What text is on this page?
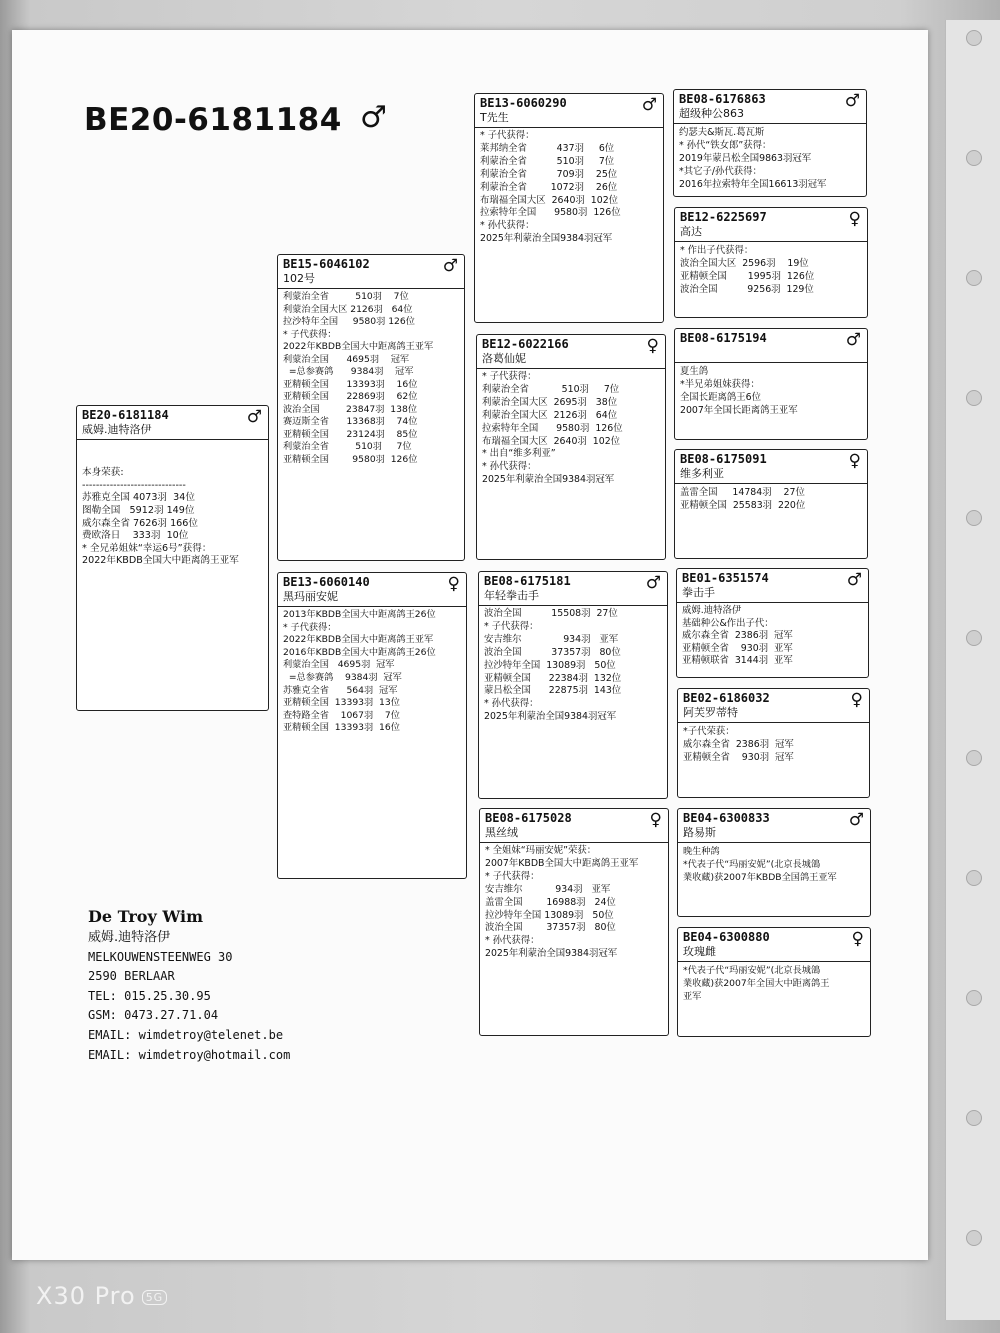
BE20-6181184 ♂
BE20-6181184	♂
威姆.迪特洛伊

本身荣获:
------------------------------
苏雅克全国 4073羽  34位
图勒全国   5912羽 149位
威尔森全省 7626羽 166位
费欧洛日    333羽  10位
* 全兄弟姐妹“幸运6号”获得：
2022年KBDB全国大中距离鸽王亚军
BE15-6046102	♂
102号
利蒙治全省         510羽    7位
利蒙治全国大区 2126羽   64位
拉沙特年全国     9580羽 126位
* 子代获得：
2022年KBDB全国大中距离鸽王亚军
利蒙治全国      4695羽    冠军
=总参赛鸽      9384羽    冠军
亚精顿全国      13393羽    16位
亚精顿全国      22869羽    62位
波治全国         23847羽  138位
赛迈斯全省      13368羽    74位
亚精顿全国      23124羽    85位
利蒙治全省         510羽     7位
亚精顿全国        9580羽  126位
BE13-6060140	♀
黑玛丽安妮
2013年KBDB全国大中距离鸽王26位
* 子代获得：
2022年KBDB全国大中距离鸽王亚军
2016年KBDB全国大中距离鸽王26位
利蒙治全国   4695羽  冠军
=总参赛鸽    9384羽  冠军
苏雅克全省      564羽  冠军
亚精顿全国  13393羽  13位
查特路全省    1067羽    7位
亚精顿全国  13393羽  16位
BE13-6060290	♂
T先生
* 子代获得：
莱邦纳全省          437羽     6位
利蒙治全省          510羽     7位
利蒙治全省          709羽    25位
利蒙治全省        1072羽    26位
布瑞福全国大区  2640羽  102位
拉索特年全国      9580羽  126位
* 孙代获得：
2025年利蒙治全国9384羽冠军
BE12-6022166	♀
洛葛仙妮
* 子代获得：
利蒙治全省           510羽     7位
利蒙治全国大区  2695羽   38位
利蒙治全国大区  2126羽   64位
拉索特年全国      9580羽  126位
布瑞福全国大区  2640羽  102位
* 出自“维多利亚”
* 孙代获得：
2025年利蒙治全国9384羽冠军
BE08-6175181	♂
年轻拳击手
波治全国          15508羽  27位
* 子代获得：
安吉维尔              934羽   亚军
波治全国          37357羽   80位
拉沙特年全国  13089羽   50位
亚精顿全国      22384羽  132位
蒙吕松全国      22875羽  143位
* 孙代获得：
2025年利蒙治全国9384羽冠军
BE08-6175028	♀
黑丝绒
* 全姐妹“玛丽安妮”荣获：
2007年KBDB全国大中距离鸽王亚军
* 子代获得：
安吉维尔           934羽   亚军
盖雷全国        16988羽   24位
拉沙特年全国 13089羽   50位
波治全国        37357羽   80位
* 孙代获得：
2025年利蒙治全国9384羽冠军
BE08-6176863	♂
超级种公863
约瑟夫&斯瓦.葛瓦斯
* 孙代“铁女郎”获得：
2019年蒙吕松全国9863羽冠军
*其它子/孙代获得：
2016年拉索特年全国16613羽冠军
BE12-6225697	♀
高达
* 作出子代获得：
波治全国大区  2596羽    19位
亚精顿全国       1995羽  126位
波治全国          9256羽  129位
BE08-6175194	♂
夏生鸽
*半兄弟姐妹获得：
全国长距离鸽王6位
2007年全国长距离鸽王亚军
BE08-6175091	♀
维多利亚
盖雷全国     14784羽    27位
亚精顿全国  25583羽  220位
BE01-6351574	♂
拳击手
威姆.迪特洛伊
基础种公&作出子代：
威尔森全省  2386羽  冠军
亚精顿全省    930羽  亚军
亚精顿联省  3144羽  亚军
BE02-6186032	♀
阿芙罗蒂特
*子代荣获：
威尔森全省  2386羽  冠军
亚精顿全省    930羽  冠军
BE04-6300833	♂
路易斯
晚生种鸽
*代表子代“玛丽安妮”(北京長城鴿
業收藏)获2007年KBDB全国鸽王亚军
BE04-6300880	♀
玫瑰雌
*代表子代“玛丽安妮”(北京長城鴿
業收藏)获2007年全国大中距离鸽王
亚军
De Troy Wim
威姆.迪特洛伊
MELKOUWENSTEENWEG 30
2590 BERLAAR
TEL: 015.25.30.95
GSM: 0473.27.71.04
EMAIL: wimdetroy@telenet.be
EMAIL: wimdetroy@hotmail.com
X30 Pro 5G
